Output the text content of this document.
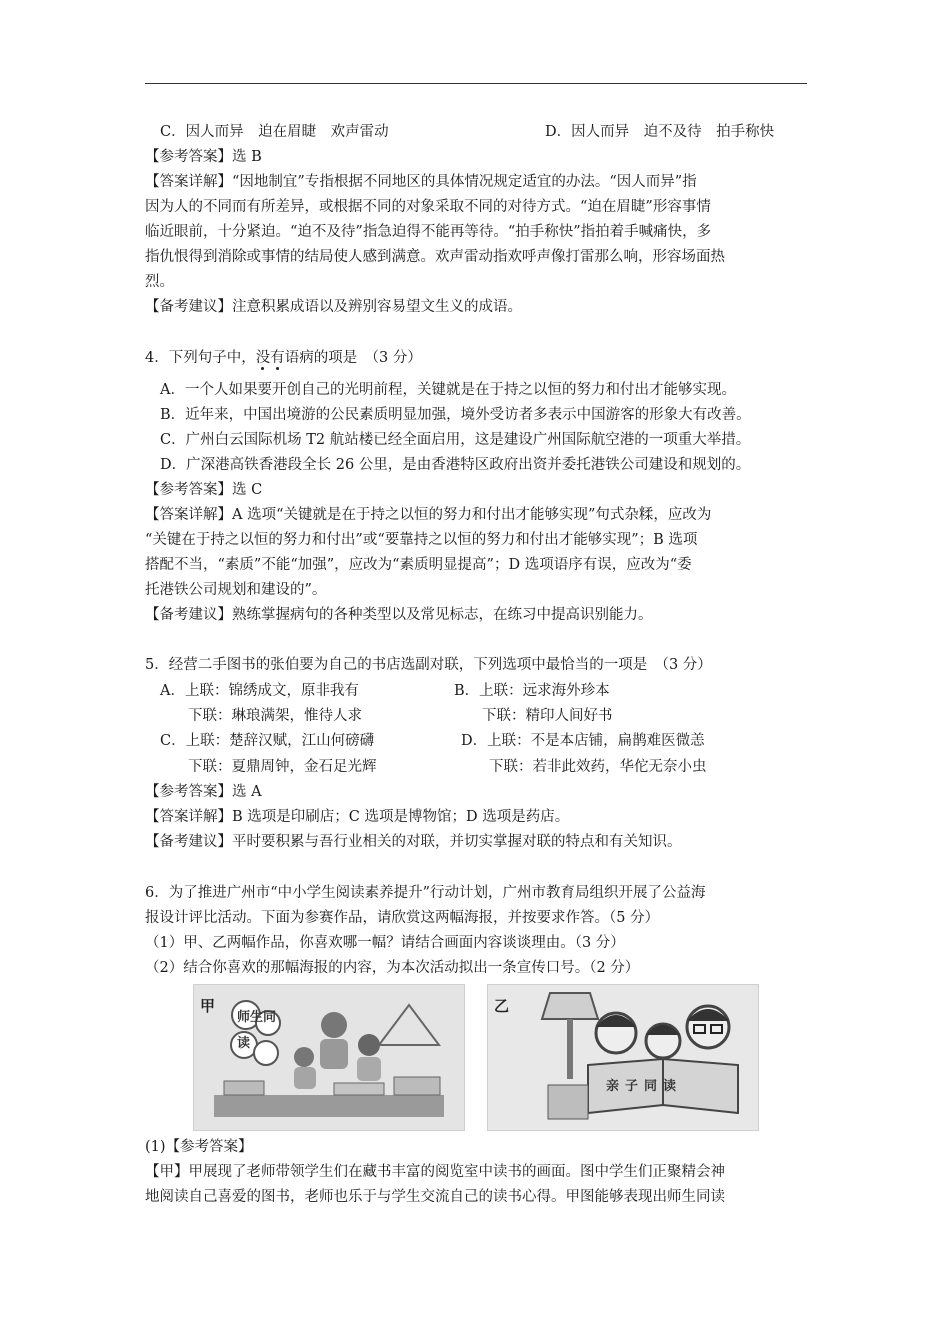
C．因人而异　迫在眉睫　欢声雷动	D．因人而异　迫不及待　拍手称快
【参考答案】选 B
【答案详解】“因地制宜”专指根据不同地区的具体情况规定适宜的办法。“因人而异”指
因为人的不同而有所差异，或根据不同的对象采取不同的对待方式。“迫在眉睫”形容事情
临近眼前，十分紧迫。“迫不及待”指急迫得不能再等待。“拍手称快”指拍着手喊痛快，多
指仇恨得到消除或事情的结局使人感到满意。欢声雷动指欢呼声像打雷那么响，形容场面热
烈。
【备考建议】注意积累成语以及辨别容易望文生义的成语。
4．下列句子中，没有语病的项是　（3 分）
A．一个人如果要开创自己的光明前程，关键就是在于持之以恒的努力和付出才能够实现。
B．近年来，中国出境游的公民素质明显加强，境外受访者多表示中国游客的形象大有改善。
C．广州白云国际机场 T2 航站楼已经全面启用，这是建设广州国际航空港的一项重大举措。
D．广深港高铁香港段全长 26 公里，是由香港特区政府出资并委托港铁公司建设和规划的。
【参考答案】选 C
【答案详解】A 选项“关键就是在于持之以恒的努力和付出才能够实现”句式杂糅，应改为
“关键在于持之以恒的努力和付出”或“要靠持之以恒的努力和付出才能够实现”；B 选项
搭配不当，“素质”不能“加强”，应改为“素质明显提高”；D 选项语序有误，应改为“委
托港铁公司规划和建设的”。
【备考建议】熟练掌握病句的各种类型以及常见标志，在练习中提高识别能力。
5．经营二手图书的张伯要为自己的书店选副对联，下列选项中最恰当的一项是　（3 分）
A．上联：锦绣成文，原非我有	B．上联：远求海外珍本
下联：琳琅满架，惟待人求	下联：精印人间好书
C．上联：楚辞汉赋，江山何磅礴	D．上联：不是本店铺，扁鹊难医微恙
下联：夏鼎周钟，金石足光辉	下联：若非此效药，华佗无奈小虫
【参考答案】选 A
【答案详解】B 选项是印刷店；C 选项是博物馆；D 选项是药店。
【备考建议】平时要积累与吾行业相关的对联，并切实掌握对联的特点和有关知识。
6．为了推进广州市“中小学生阅读素养提升”行动计划，广州市教育局组织开展了公益海
报设计评比活动。下面为参赛作品，请欣赏这两幅海报，并按要求作答。（5 分）
（1）甲、乙两幅作品，你喜欢哪一幅？请结合画面内容谈谈理由。（3 分）
（2）结合你喜欢的那幅海报的内容，为本次活动拟出一条宣传口号。（2 分）
甲
师生同读
乙
亲子同读
(1)【参考答案】
【甲】甲展现了老师带领学生们在藏书丰富的阅览室中读书的画面。图中学生们正聚精会神
地阅读自己喜爱的图书，老师也乐于与学生交流自己的读书心得。甲图能够表现出师生同读
